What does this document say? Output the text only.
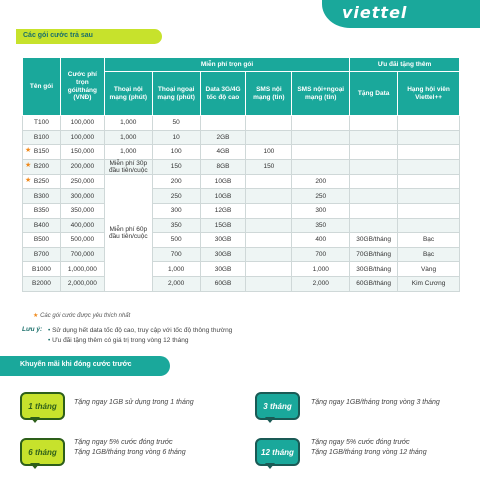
viettel
Các gói cước trả sau
Tên gói	Cước phí trọn gói/tháng (VNĐ)	Miễn phí trọn gói					Ưu đãi tặng thêm	
		Thoại nội mạng (phút)	Thoại ngoại mạng (phút)	Data 3G/4G tốc độ cao	SMS nội mạng (tin)	SMS nội+ngoại mạng (tin)	Tặng Data	Hạng hội viên Viettel++
T100	100,000	1,000	50					
B100	100,000	1,000	10	2GB				

★ B150	150,000	1,000	100	4GB	100			

★ B200	200,000	Miễn phí 30p đầu tiên/cuộc	150	8GB	150			

★ B250	250,000	Miễn phí 60p đầu tiên/cuộc	200	10GB		200		
B300	300,000		250	10GB		250		
B350	350,000		300	12GB		300		
B400	400,000		350	15GB		350		
B500	500,000		500	30GB		400	30GB/tháng	Bạc
B700	700,000		700	30GB		700	70GB/tháng	Bạc
B1000	1,000,000		1,000	30GB		1,000	30GB/tháng	Vàng
B2000	2,000,000		2,000	60GB		2,000	60GB/tháng	Kim Cương
★ Các gói cước được yêu thích nhất
Lưu ý:	• Sử dụng hết data tốc độ cao, truy cập với tốc độ thông thường
• Ưu đãi tặng thêm có giá trị trong vòng 12 tháng
Khuyến mãi khi đóng cước trước
1 tháng	Tặng ngay 1GB sử dụng trong 1 tháng	3 tháng	Tặng ngay 1GB/tháng trong vòng 3 tháng
6 tháng
Tặng ngay 5% cước đóng trước
Tặng 1GB/tháng trong vòng 6 tháng	12 tháng
Tặng ngay 5% cước đóng trước
Tặng 1GB/tháng trong vòng 12 tháng
